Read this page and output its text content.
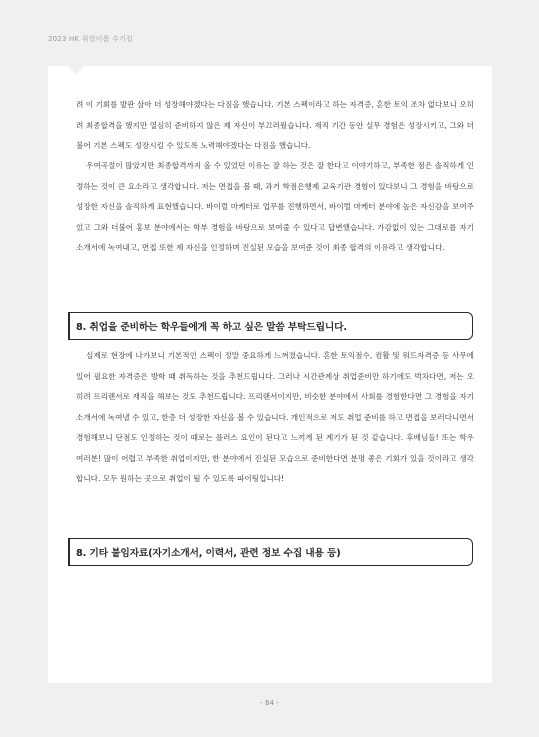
2023 HK 취업이룸 수기집

려 이 기회를 발판 삼아 더 성장해야겠다는 다짐을 했습니다. 기본 스펙이라고 하는 자격증, 흔한 토익 조차 없다보니 오히려 최종합격을 했지만 열심히 준비하지 않은 제 자신이 부끄러웠습니다. 재직 기간 동안 실무 경험은 성장시키고, 그와 더불어 기본 스펙도 성장시킬 수 있도록 노력해야겠다는 다짐을 했습니다.

우여곡절이 많았지만 최종합격까지 올 수 있었던 이유는 잘 하는 것은 잘 한다고 이야기하고, 부족한 점은 솔직하게 인정하는 것이 큰 요소라고 생각합니다. 저는 면접을 볼 때, 과거 학점은행제 교육기관 경험이 있다보니 그 경험을 바탕으로 성장한 자신을 솔직하게 표현했습니다. 바이럴 마케터로 업무를 진행하면서, 바이럴 마케터 분야에 높은 자신감을 보여주었고 그와 더불어 홍보 분야에서는 학부 경험을 바탕으로 보여줄 수 있다고 답변했습니다. 가감없이 있는 그대로를 자기소개서에 녹여내고, 면접 또한 제 자신을 인정하며 진실된 모습을 보여준 것이 최종 합격의 이유라고 생각합니다.

8. 취업을 준비하는 학우들에게 꼭 하고 싶은 말씀 부탁드립니다.

실제로 현장에 나가보니 기본적인 스펙이 정말 중요하게 느껴졌습니다. 흔한 토익점수, 컴활 및 워드자격증 등 사무에 있어 필요한 자격증은 방학 때 취득하는 것을 추천드립니다. 그러나 시간관계상 취업준비만 하기에도 벅차다면, 저는 오히려 프리랜서로 재직을 해보는 것도 추천드립니다. 프리랜서이지만, 비슷한 분야에서 사회를 경험한다면 그 경험을 자기소개서에 녹여낼 수 있고, 한층 더 성장한 자신을 볼 수 있습니다. 개인적으로 저도 취업 준비를 하고 면접을 보러다니면서 경험해보니 단점도 인정하는 것이 때로는 플러스 요인이 된다고 느끼게 된 계기가 된 것 같습니다. 후배님들! 또는 학우 여러분! 많이 어렵고 부족한 취업이지만, 한 분야에서 진실된 모습으로 준비한다면 분명 좋은 기회가 있을 것이라고 생각합니다. 모두 원하는 곳으로 취업이 될 수 있도록 파이팅입니다!

8. 기타 붙임자료(자기소개서, 이력서, 관련 정보 수집 내용 등)
- 84 -
